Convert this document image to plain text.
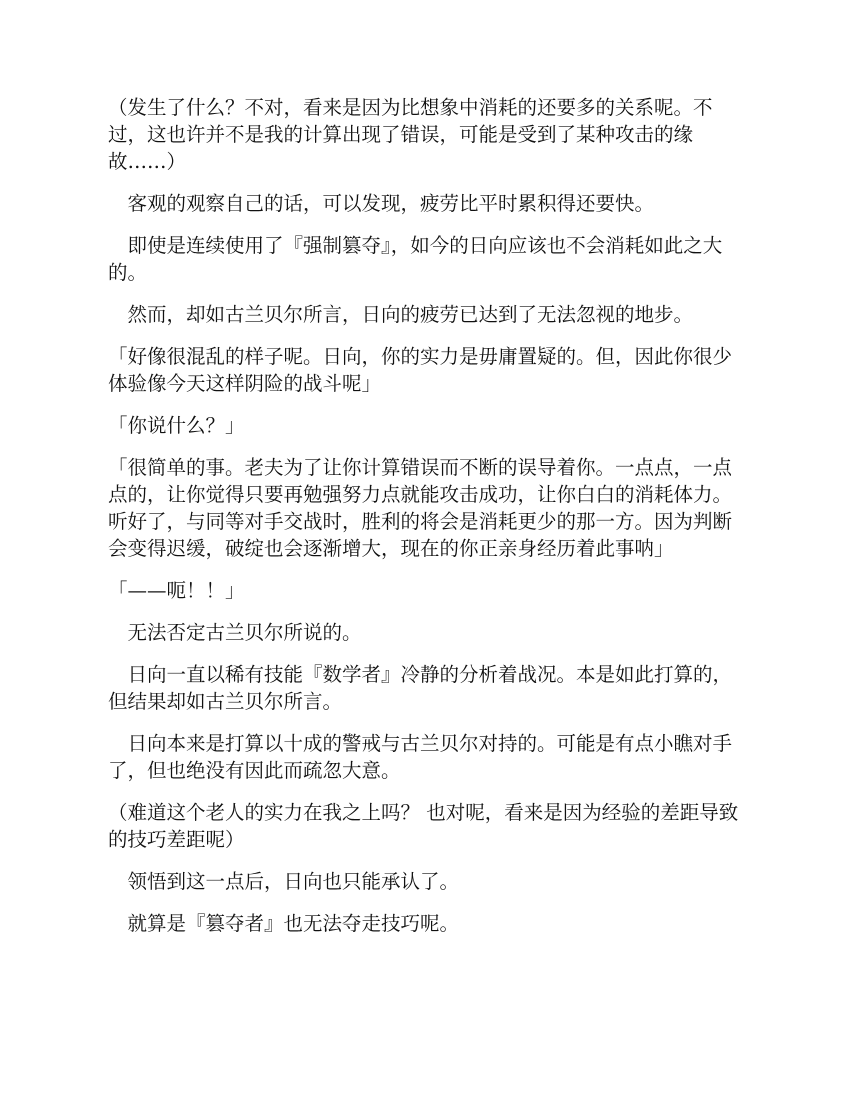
（发生了什么？不对，看来是因为比想象中消耗的还要多的关系呢。不过，这也许并不是我的计算出现了错误，可能是受到了某种攻击的缘故……）

　客观的观察自己的话，可以发现，疲劳比平时累积得还要快。

　即使是连续使用了『强制篡夺』，如今的日向应该也不会消耗如此之大的。

　然而，却如古兰贝尔所言，日向的疲劳已达到了无法忽视的地步。

「好像很混乱的样子呢。日向，你的实力是毋庸置疑的。但，因此你很少体验像今天这样阴险的战斗呢」

「你说什么？」

「很简单的事。老夫为了让你计算错误而不断的误导着你。一点点，一点点的，让你觉得只要再勉强努力点就能攻击成功，让你白白的消耗体力。听好了，与同等对手交战时，胜利的将会是消耗更少的那一方。因为判断会变得迟缓，破绽也会逐渐增大，现在的你正亲身经历着此事呐」

「——呃！！」

　无法否定古兰贝尔所说的。

　日向一直以稀有技能『数学者』冷静的分析着战况。本是如此打算的，但结果却如古兰贝尔所言。

　日向本来是打算以十成的警戒与古兰贝尔对持的。可能是有点小瞧对手了，但也绝没有因此而疏忽大意。

（难道这个老人的实力在我之上吗？ 也对呢，看来是因为经验的差距导致的技巧差距呢）

　领悟到这一点后，日向也只能承认了。

　就算是『篡夺者』也无法夺走技巧呢。
